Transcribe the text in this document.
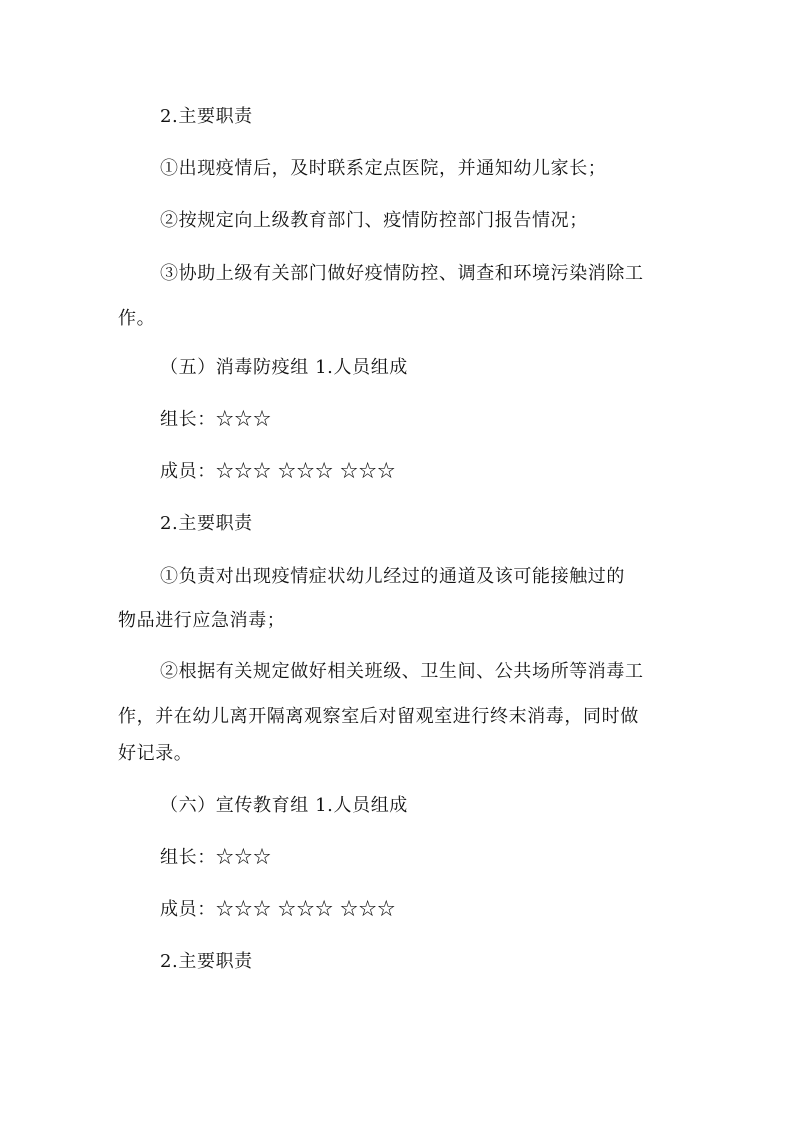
2.主要职责
①出现疫情后，及时联系定点医院，并通知幼儿家长；
②按规定向上级教育部门、疫情防控部门报告情况；
③协助上级有关部门做好疫情防控、调查和环境污染消除工
作。
（五）消毒防疫组 1.人员组成
组长：☆☆☆
成员：☆☆☆ ☆☆☆ ☆☆☆
2.主要职责
①负责对出现疫情症状幼儿经过的通道及该可能接触过的
物品进行应急消毒；
②根据有关规定做好相关班级、卫生间、公共场所等消毒工
作，并在幼儿离开隔离观察室后对留观室进行终末消毒，同时做
好记录。
（六）宣传教育组 1.人员组成
组长：☆☆☆
成员：☆☆☆ ☆☆☆ ☆☆☆
2.主要职责
